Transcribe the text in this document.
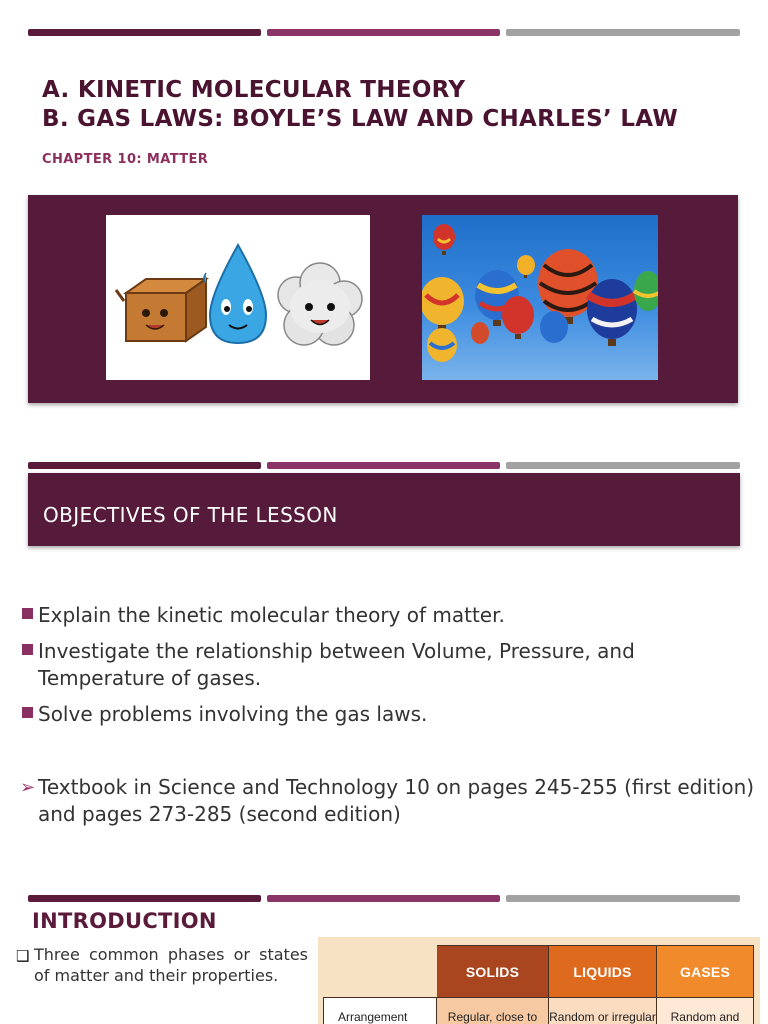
A. KINETIC MOLECULAR THEORY
B. GAS LAWS: BOYLE’S LAW AND CHARLES’ LAW
CHAPTER 10: MATTER
OBJECTIVES OF THE LESSON
Explain the kinetic molecular theory of matter.
Investigate the relationship between Volume, Pressure, and Temperature of gases.
Solve problems involving the gas laws.
➢ Textbook in Science and Technology 10 on pages 245-255 (first edition) and pages 273-285 (second edition)
INTRODUCTION
❑ Three common phases or states of matter and their properties.
		SOLIDS	LIQUIDS	GASES
Arrangement	Regular, close to	Random or irregular	Random and
